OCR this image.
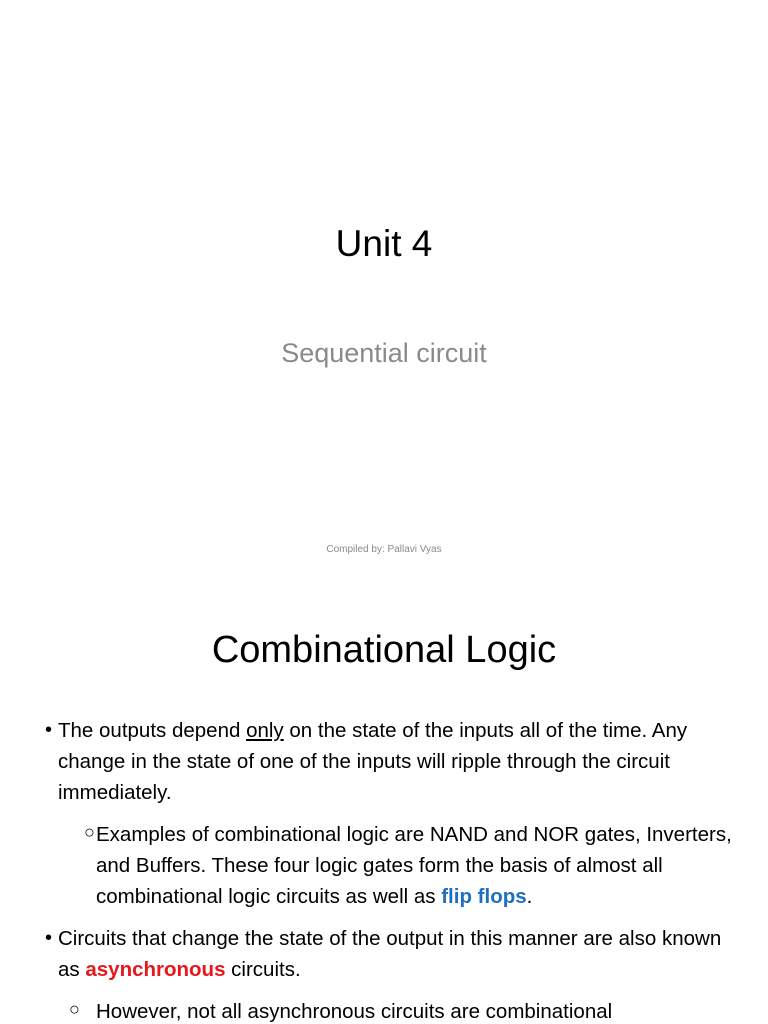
Unit 4
Sequential circuit
Compiled by: Pallavi Vyas
Combinational Logic
• The outputs depend only on the state of the inputs all of the time. Any change in the state of one of the inputs will ripple through the circuit immediately.
○ Examples of combinational logic are NAND and NOR gates, Inverters, and Buffers. These four logic gates form the basis of almost all combinational logic circuits as well as flip flops.
• Circuits that change the state of the output in this manner are also known as asynchronous circuits.
○ However, not all asynchronous circuits are combinational
